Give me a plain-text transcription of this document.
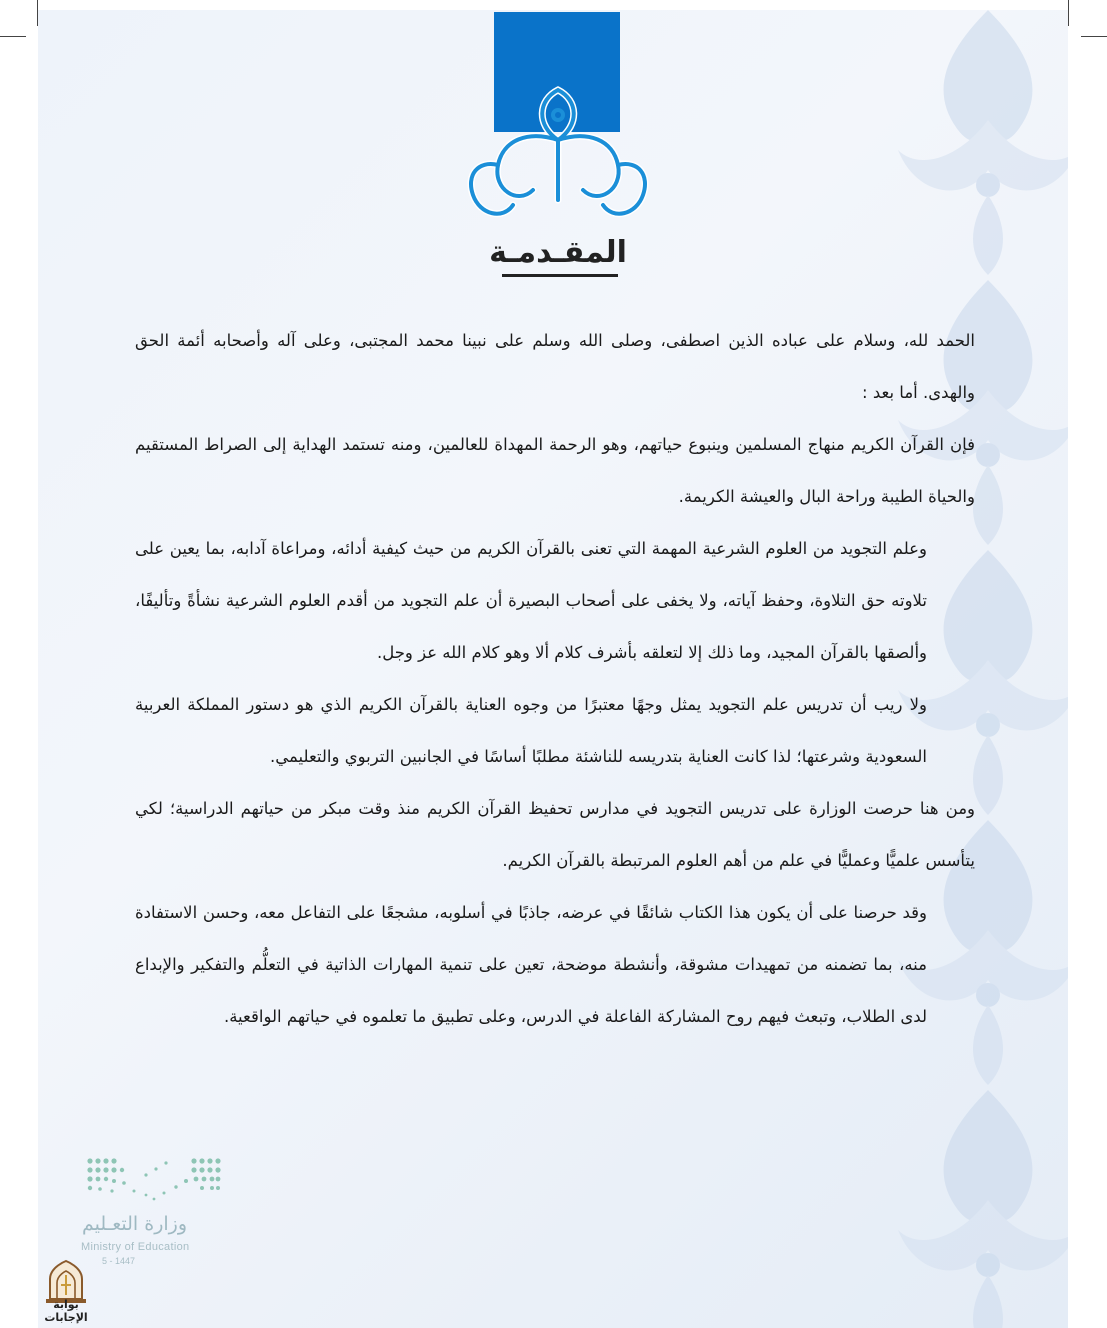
المقـدمـة

الحمد لله، وسلام على عباده الذين اصطفى، وصلى الله وسلم على نبينا محمد المجتبى، وعلى آله وأصحابه أئمة الحق والهدى. أما بعد :

فإن القرآن الكريم منهاج المسلمين وينبوع حياتهم، وهو الرحمة المهداة للعالمين، ومنه تستمد الهداية إلى الصراط المستقيم والحياة الطيبة وراحة البال والعيشة الكريمة.

وعلم التجويد من العلوم الشرعية المهمة التي تعنى بالقرآن الكريم من حيث كيفية أدائه، ومراعاة آدابه، بما يعين على تلاوته حق التلاوة، وحفظ آياته، ولا يخفى على أصحاب البصيرة أن علم التجويد من أقدم العلوم الشرعية نشأةً وتأليفًا، وألصقها بالقرآن المجيد، وما ذلك إلا لتعلقه بأشرف كلام ألا وهو كلام الله عز وجل.

ولا ريب أن تدريس علم التجويد يمثل وجهًا معتبرًا من وجوه العناية بالقرآن الكريم الذي هو دستور المملكة العربية السعودية وشرعتها؛ لذا كانت العناية بتدريسه للناشئة مطلبًا أساسًا في الجانبين التربوي والتعليمي.

ومن هنا حرصت الوزارة على تدريس التجويد في مدارس تحفيظ القرآن الكريم منذ وقت مبكر من حياتهم الدراسية؛ لكي يتأسس علميًّا وعمليًّا في علم من أهم العلوم المرتبطة بالقرآن الكريم.

وقد حرصنا على أن يكون هذا الكتاب شائقًا في عرضه، جاذبًا في أسلوبه، مشجعًا على التفاعل معه، وحسن الاستفادة منه، بما تضمنه من تمهيدات مشوقة، وأنشطة موضحة، تعين على تنمية المهارات الذاتية في التعلُّم والتفكير والإبداع لدى الطلاب، وتبعث فيهم روح المشاركة الفاعلة في الدرس، وعلى تطبيق ما تعلموه في حياتهم الواقعية.

وزارة التعـليم
Ministry of Education
5 - 1447
بوابة الإجابات
